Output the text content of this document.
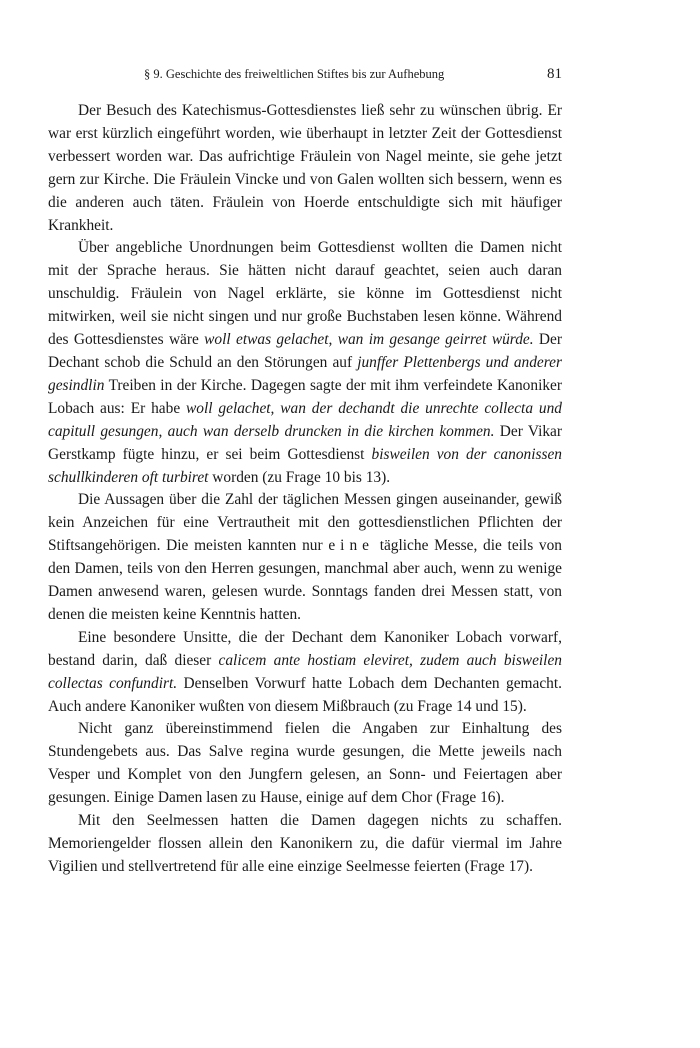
§ 9. Geschichte des freiweltlichen Stiftes bis zur Aufhebung	81

Der Besuch des Katechismus-Gottesdienstes ließ sehr zu wünschen übrig. Er war erst kürzlich eingeführt worden, wie überhaupt in letzter Zeit der Gottesdienst verbessert worden war. Das aufrichtige Fräulein von Nagel meinte, sie gehe jetzt gern zur Kirche. Die Fräulein Vincke und von Galen wollten sich bessern, wenn es die anderen auch täten. Fräulein von Hoerde entschuldigte sich mit häufiger Krankheit.

Über angebliche Unordnungen beim Gottesdienst wollten die Damen nicht mit der Sprache heraus. Sie hätten nicht darauf geachtet, seien auch daran unschuldig. Fräulein von Nagel erklärte, sie könne im Gottesdienst nicht mitwirken, weil sie nicht singen und nur große Buchstaben lesen könne. Während des Gottesdienstes wäre woll etwas gelachet, wan im gesange geirret würde. Der Dechant schob die Schuld an den Störungen auf junffer Plettenbergs und anderer gesindlin Treiben in der Kirche. Dagegen sagte der mit ihm verfeindete Kanoniker Lobach aus: Er habe woll gelachet, wan der dechandt die unrechte collecta und capitull gesungen, auch wan derselb druncken in die kirchen kommen. Der Vikar Gerstkamp fügte hinzu, er sei beim Gottesdienst bisweilen von der canonissen schullkinderen oft turbiret worden (zu Frage 10 bis 13).

Die Aussagen über die Zahl der täglichen Messen gingen auseinander, gewiß kein Anzeichen für eine Vertrautheit mit den gottesdienstlichen Pflichten der Stiftsangehörigen. Die meisten kannten nur eine tägliche Messe, die teils von den Damen, teils von den Herren gesungen, manchmal aber auch, wenn zu wenige Damen anwesend waren, gelesen wurde. Sonntags fanden drei Messen statt, von denen die meisten keine Kenntnis hatten.

Eine besondere Unsitte, die der Dechant dem Kanoniker Lobach vorwarf, bestand darin, daß dieser calicem ante hostiam eleviret, zudem auch bisweilen collectas confundirt. Denselben Vorwurf hatte Lobach dem Dechanten gemacht. Auch andere Kanoniker wußten von diesem Mißbrauch (zu Frage 14 und 15).

Nicht ganz übereinstimmend fielen die Angaben zur Einhaltung des Stundengebets aus. Das Salve regina wurde gesungen, die Mette jeweils nach Vesper und Komplet von den Jungfern gelesen, an Sonn- und Feiertagen aber gesungen. Einige Damen lasen zu Hause, einige auf dem Chor (Frage 16).

Mit den Seelmessen hatten die Damen dagegen nichts zu schaffen. Memoriengelder flossen allein den Kanonikern zu, die dafür viermal im Jahre Vigilien und stellvertretend für alle eine einzige Seelmesse feierten (Frage 17).
